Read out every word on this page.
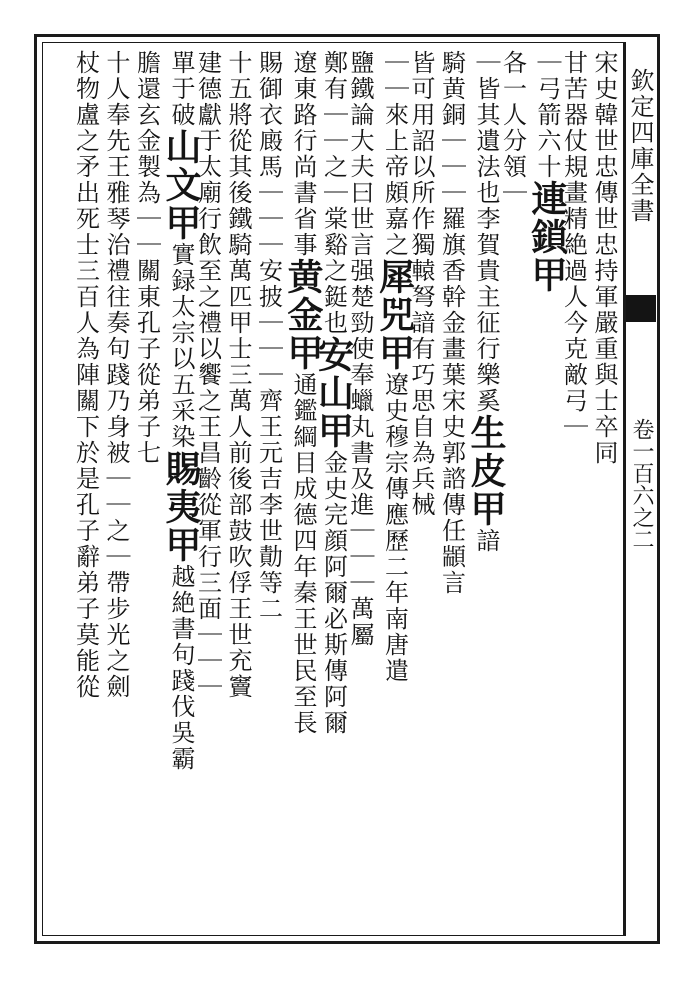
欽定四庫全書
卷一百六之二
宋史韓世忠傳世忠持軍嚴重與士卒同
甘苦器仗規畫精絶過人今克敵弓｜
｜弓箭六十連鎖甲
各一人分領｜
｜皆其遺法也李賀貴主征行樂奚生皮甲諳
騎黄銅｜｜｜羅旗香幹金畫葉宋史郭諮傳任顓言
皆可用詔以所作獨轅弩諳有巧思自為兵械
｜｜來上帝頗嘉之犀兕甲遼史穆宗傳應歷二年南唐遣
鹽鐵論大夫曰世言强楚勁使奉蠟丸書及進｜｜｜萬屬
鄭有｜｜之｜棠谿之鋌也安山甲金史完顔阿爾必斯傳阿爾
遼東路行尚書省事黄金甲通鑑綱目成德四年秦王世民至長
賜御衣廄馬｜｜｜安披｜｜｜齊王元吉李世勣等二
十五將從其後鐵騎萬匹甲士三萬人前後部鼓吹俘王世充竇
建德獻于太廟行飲至之禮以饗之王昌齡從軍行三面｜｜｜
單于破山文甲實録太宗以五采染賜夷甲越絶書句踐伐吳霸
膽還玄金製為｜｜關東孔子從弟子七
十人奉先王雅琴治禮往奏句踐乃身被｜｜之｜帶步光之劍
杖物盧之矛出死士三百人為陣關下於是孔子辭弟子莫能從
